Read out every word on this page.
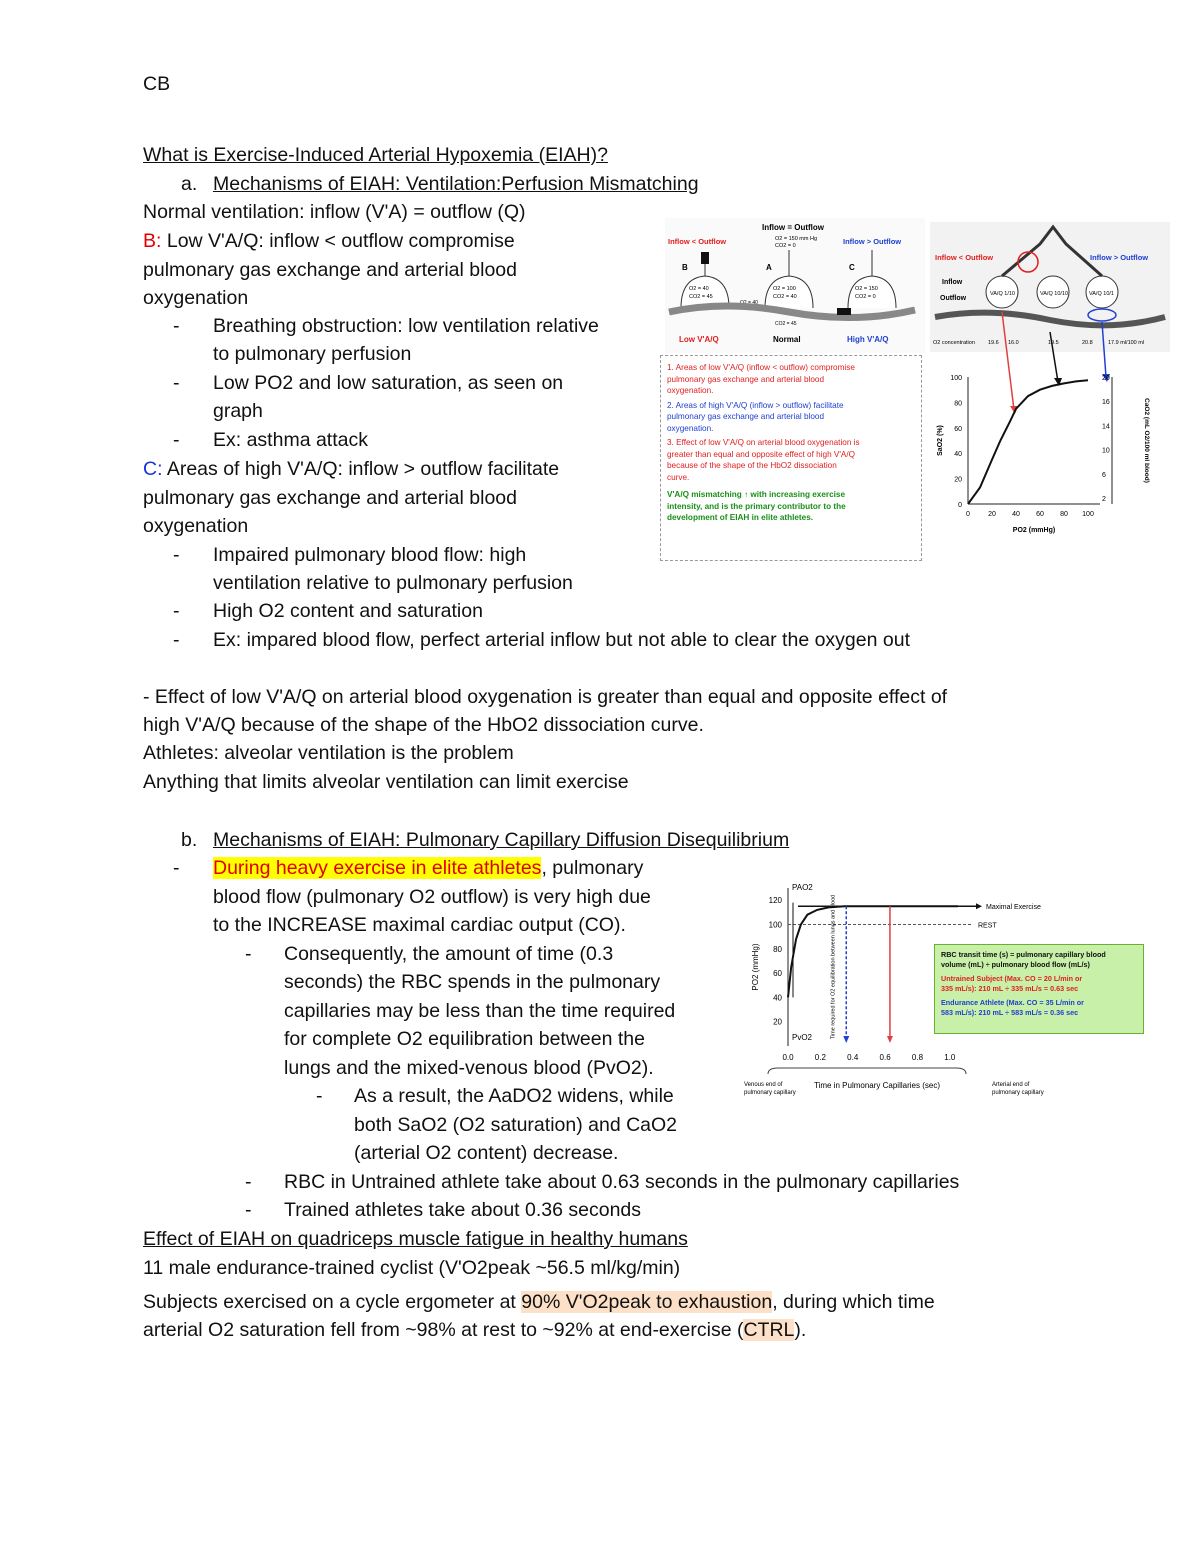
CB
What is Exercise-Induced Arterial Hypoxemia (EIAH)?
a. Mechanisms of EIAH: Ventilation:Perfusion Mismatching
Normal ventilation: inflow (V'A) = outflow (Q)
B: Low V'A/Q: inflow < outflow compromise
pulmonary gas exchange and arterial blood
oxygenation
- Breathing obstruction: low ventilation relative
to pulmonary perfusion
- Low PO2 and low saturation, as seen on
graph
- Ex: asthma attack
C: Areas of high V'A/Q: inflow > outflow facilitate
pulmonary gas exchange and arterial blood
oxygenation
- Impaired pulmonary blood flow: high
ventilation relative to pulmonary perfusion
- High O2 content and saturation
- Ex: impared blood flow, perfect arterial inflow but not able to clear the oxygen out
- Effect of low V'A/Q on arterial blood oxygenation is greater than equal and opposite effect of
high V'A/Q because of the shape of the HbO2 dissociation curve.
Athletes: alveolar ventilation is the problem
Anything that limits alveolar ventilation can limit exercise
b. Mechanisms of EIAH: Pulmonary Capillary Diffusion Disequilibrium
- During heavy exercise in elite athletes, pulmonary
blood flow (pulmonary O2 outflow) is very high due
to the INCREASE maximal cardiac output (CO).
- Consequently, the amount of time (0.3
seconds) the RBC spends in the pulmonary
capillaries may be less than the time required
for complete O2 equilibration between the
lungs and the mixed-venous blood (PvO2).
- As a result, the AaDO2 widens, while
both SaO2 (O2 saturation) and CaO2
(arterial O2 content) decrease.
- RBC in Untrained athlete take about 0.63 seconds in the pulmonary capillaries
- Trained athletes take about 0.36 seconds
Effect of EIAH on quadriceps muscle fatigue in healthy humans
11 male endurance-trained cyclist (V'O2peak ~56.5 ml/kg/min)
Subjects exercised on a cycle ergometer at 90% V'O2peak to exhaustion, during which time
arterial O2 saturation fell from ~98% at rest to ~92% at end-exercise (CTRL).
Inflow = Outflow
Inflow < Outflow	Inflow > Outflow
O2 = 150 mm Hg
CO2 = 0
B	A	C
O2 = 40
CO2 = 45
O2 = 100
CO2 = 40
O2 = 150
CO2 = 0
O2 = 40
CO2 = 45
Low V'A/Q	Normal	High V'A/Q
1. Areas of low V'A/Q (inflow < outflow) compromise
pulmonary gas exchange and arterial blood
oxygenation.
2. Areas of high V'A/Q (inflow > outflow) facilitate
pulmonary gas exchange and arterial blood
oxygenation.
3. Effect of low V'A/Q on arterial blood oxygenation is
greater than equal and opposite effect of high V'A/Q
because of the shape of the HbO2 dissociation
curve.
V'A/Q mismatching ↑ with increasing exercise
intensity, and is the primary contributor to the
development of EIAH in elite athletes.
Inflow < Outflow	Inflow > Outflow
Inflow
Outflow
VA/Q 1/10	VA/Q 10/10	VA/Q 10/1
O2 concentration 19.6 16.0	19.5	20.8	17.9 ml/100 ml
0	20 40 60 80 100
0
20
40
60
80
100
2
6
10
14
16
20
PO2 (mmHg)
SaO2 (%)	CaO2 (mL O2/100 ml blood)
20
40
60
80
100
120
0.0	0.2	0.4	0.6	0.8	1.0
PO2 (mmHg)
Time in Pulmonary Capillaries (sec)
PAO2
PvO2
REST
Maximal Exercise
Time required for O2 equilibration between lungs and blood
Venous end of
pulmonary capillary
Arterial end of
pulmonary capillary
RBC transit time (s) = pulmonary capillary blood
volume (mL) ÷ pulmonary blood flow (mL/s)
Untrained Subject (Max. CO = 20 L/min or
335 mL/s): 210 mL ÷ 335 mL/s = 0.63 sec
Endurance Athlete (Max. CO = 35 L/min or
583 mL/s): 210 mL ÷ 583 mL/s = 0.36 sec
